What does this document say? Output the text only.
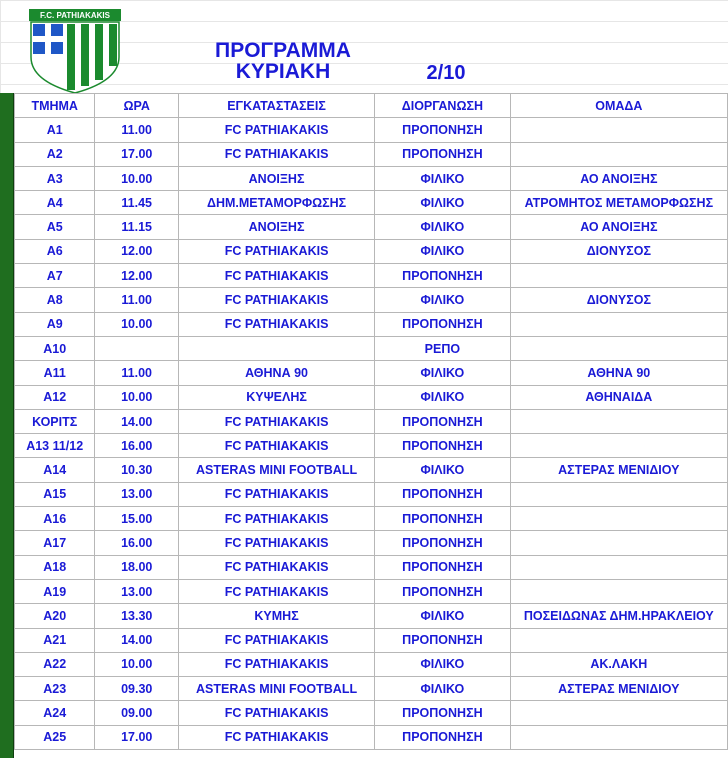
F.C. PATHIAKAKIS
ΠΡΟΓΡΑΜΜΑ
ΚΥΡΙΑΚΗ	2/10
ΤΜΗΜΑ	ΩΡΑ	ΕΓΚΑΤΑΣΤΑΣΕΙΣ	ΔΙΟΡΓΑΝΩΣΗ	ΟΜΑΔΑ
A1	11.00	FC PATHIAKAKIS	ΠΡΟΠΟΝΗΣΗ	
A2	17.00	FC PATHIAKAKIS	ΠΡΟΠΟΝΗΣΗ	
A3	10.00	ΑΝΟΙΞΗΣ	ΦΙΛΙΚΟ	ΑΟ ΑΝΟΙΞΗΣ
A4	11.45	ΔΗΜ.ΜΕΤΑΜΟΡΦΩΣΗΣ	ΦΙΛΙΚΟ	ΑΤΡΟΜΗΤΟΣ ΜΕΤΑΜΟΡΦΩΣΗΣ
A5	11.15	ΑΝΟΙΞΗΣ	ΦΙΛΙΚΟ	ΑΟ ΑΝΟΙΞΗΣ
A6	12.00	FC PATHIAKAKIS	ΦΙΛΙΚΟ	ΔΙΟΝΥΣΟΣ
A7	12.00	FC PATHIAKAKIS	ΠΡΟΠΟΝΗΣΗ	
A8	11.00	FC PATHIAKAKIS	ΦΙΛΙΚΟ	ΔΙΟΝΥΣΟΣ
A9	10.00	FC PATHIAKAKIS	ΠΡΟΠΟΝΗΣΗ	
A10			ΡΕΠΟ	
A11	11.00	ΑΘΗΝΑ 90	ΦΙΛΙΚΟ	ΑΘΗΝΑ 90
A12	10.00	ΚΥΨΕΛΗΣ	ΦΙΛΙΚΟ	ΑΘΗΝΑΙΔΑ
ΚΟΡΙΤΣ	14.00	FC PATHIAKAKIS	ΠΡΟΠΟΝΗΣΗ	
A13 11/12	16.00	FC PATHIAKAKIS	ΠΡΟΠΟΝΗΣΗ	
A14	10.30	ASTERAS MINI FOOTBALL	ΦΙΛΙΚΟ	ΑΣΤΕΡΑΣ ΜΕΝΙΔΙΟΥ
A15	13.00	FC PATHIAKAKIS	ΠΡΟΠΟΝΗΣΗ	
A16	15.00	FC PATHIAKAKIS	ΠΡΟΠΟΝΗΣΗ	
A17	16.00	FC PATHIAKAKIS	ΠΡΟΠΟΝΗΣΗ	
A18	18.00	FC PATHIAKAKIS	ΠΡΟΠΟΝΗΣΗ	
A19	13.00	FC PATHIAKAKIS	ΠΡΟΠΟΝΗΣΗ	
A20	13.30	ΚΥΜΗΣ	ΦΙΛΙΚΟ	ΠΟΣΕΙΔΩΝΑΣ ΔΗΜ.ΗΡΑΚΛΕΙΟΥ
A21	14.00	FC PATHIAKAKIS	ΠΡΟΠΟΝΗΣΗ	
A22	10.00	FC PATHIAKAKIS	ΦΙΛΙΚΟ	ΑΚ.ΛΑΚΗ
A23	09.30	ASTERAS MINI FOOTBALL	ΦΙΛΙΚΟ	ΑΣΤΕΡΑΣ ΜΕΝΙΔΙΟΥ
A24	09.00	FC PATHIAKAKIS	ΠΡΟΠΟΝΗΣΗ	
A25	17.00	FC PATHIAKAKIS	ΠΡΟΠΟΝΗΣΗ	
